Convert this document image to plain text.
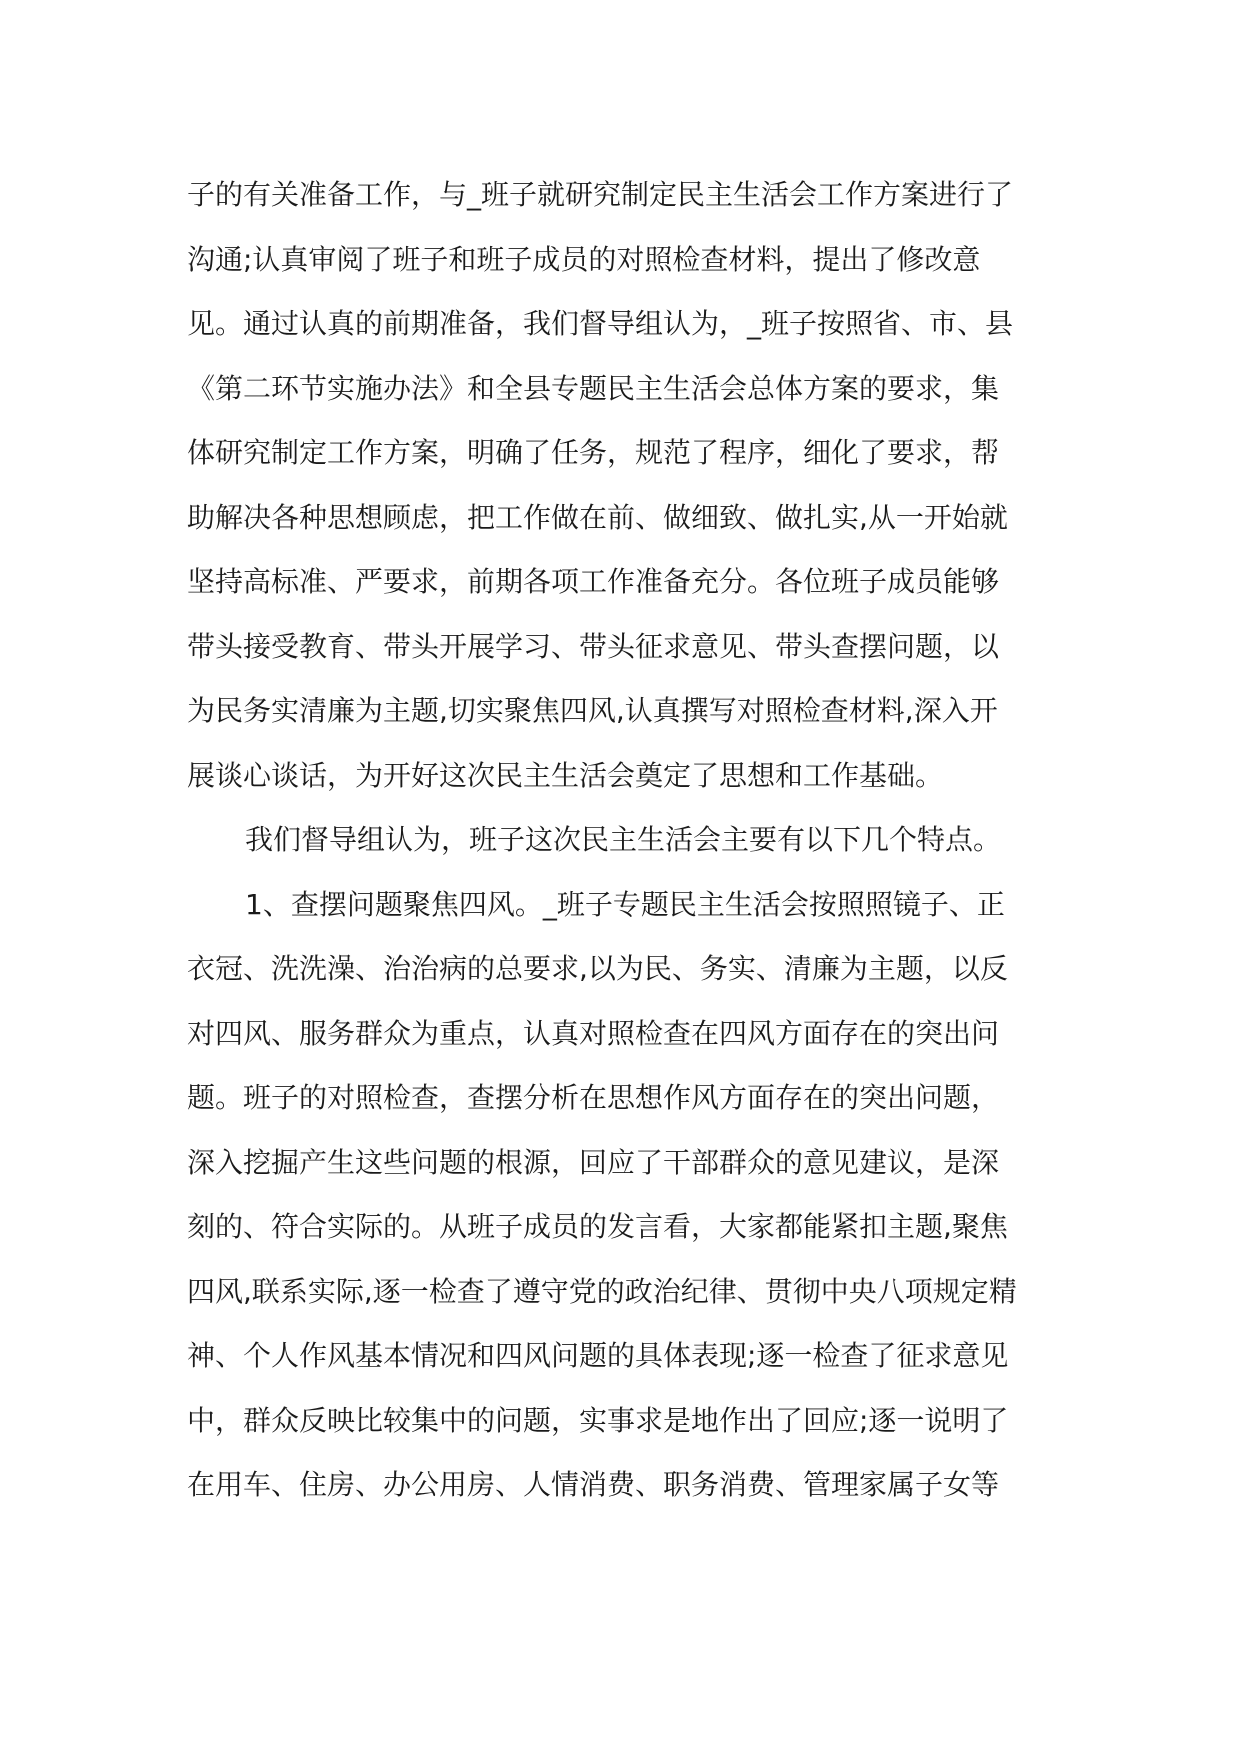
子的有关准备工作，与_班子就研究制定民主生活会工作方案进行了
沟通;认真审阅了班子和班子成员的对照检查材料，提出了修改意
见。通过认真的前期准备，我们督导组认为，_班子按照省、市、县
《第二环节实施办法》和全县专题民主生活会总体方案的要求，集
体研究制定工作方案，明确了任务，规范了程序，细化了要求，帮
助解决各种思想顾虑，把工作做在前、做细致、做扎实,从一开始就
坚持高标准、严要求，前期各项工作准备充分。各位班子成员能够
带头接受教育、带头开展学习、带头征求意见、带头查摆问题，以
为民务实清廉为主题,切实聚焦四风,认真撰写对照检查材料,深入开
展谈心谈话，为开好这次民主生活会奠定了思想和工作基础。
我们督导组认为，班子这次民主生活会主要有以下几个特点。
1、查摆问题聚焦四风。_班子专题民主生活会按照照镜子、正
衣冠、洗洗澡、治治病的总要求,以为民、务实、清廉为主题，以反
对四风、服务群众为重点，认真对照检查在四风方面存在的突出问
题。班子的对照检查，查摆分析在思想作风方面存在的突出问题，
深入挖掘产生这些问题的根源，回应了干部群众的意见建议，是深
刻的、符合实际的。从班子成员的发言看，大家都能紧扣主题,聚焦
四风,联系实际,逐一检查了遵守党的政治纪律、贯彻中央八项规定精
神、个人作风基本情况和四风问题的具体表现;逐一检查了征求意见
中，群众反映比较集中的问题，实事求是地作出了回应;逐一说明了
在用车、住房、办公用房、人情消费、职务消费、管理家属子女等
